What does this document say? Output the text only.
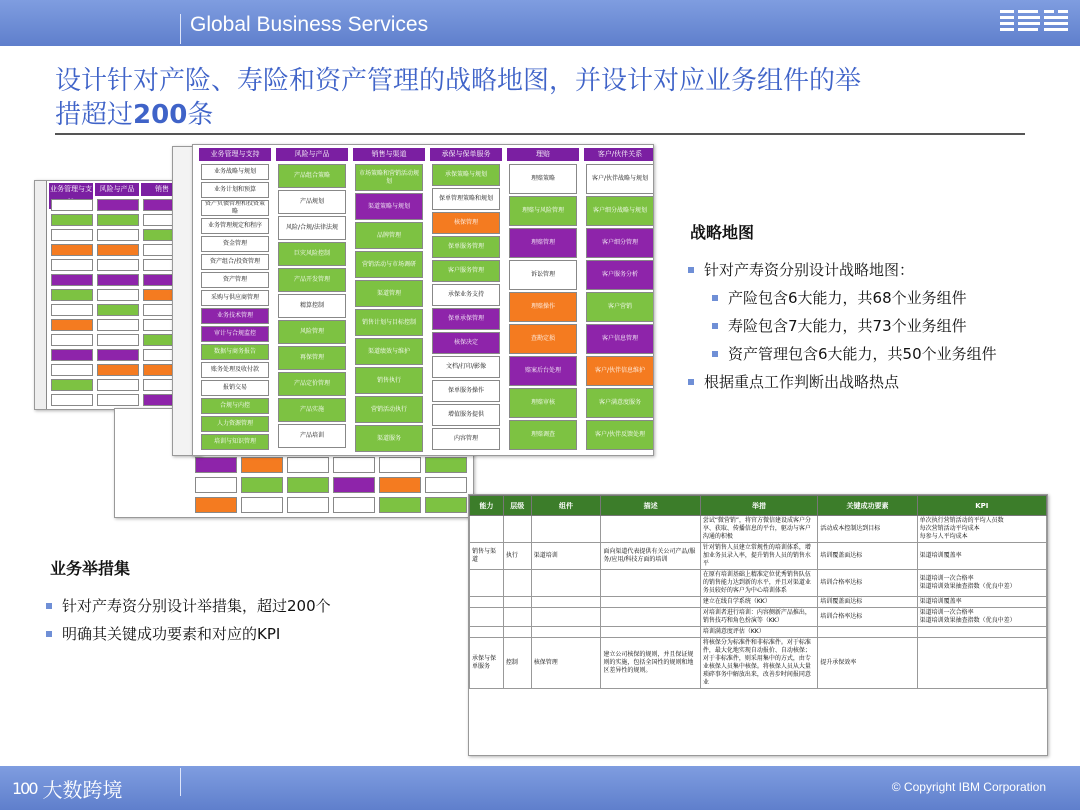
Global Business Services
设计针对产险、寿险和资产管理的战略地图，并设计对应业务组件的举
措超过200条
业务管理与支	风险与产品	销售
业务管理与支持
业务战略与规划
业务计划和预算
资产负债管理和投资策略
业务管理规定和程序
资金管理
资产组合/投资管理
资产管理
采购与供应商管理
业务技术管理
审计与合规监控
数据与商务报告
账务处理及收付款
报销交易
合规与内控
人力资源管理
培训与知识管理
风险与产品
产品组合策略
产品规划
风险/合规/法律法规
巨灾风险控制
产品开发管理
精算控制
风险管理
再保管理
产品定价管理
产品实施
产品培训
销售与渠道
市场策略和营销活动规划
渠道策略与规划
品牌管理
营销活动与市场调研
渠道管理
销售计划与目标控制
渠道绩效与维护
销售执行
营销活动执行
渠道服务
承保与保单服务
承保策略与规划
保单管理策略和规划
核保管理
保单服务管理
客户服务管理
承保业务支持
保单承保管理
核保决定
文档/打印/影像
保单服务操作
增值服务提供
内容管理
理赔
理赔策略
理赔与风险管理
理赔管理
诉讼管理
理赔操作
查勘定损
赔案后台处理
理赔审核
理赔调查
客户/伙伴关系
客户/伙伴战略与规划
客户细分战略与规划
客户细分管理
客户服务分析
客户营销
客户信息管理
客户/伙伴信息维护
客户满意度服务
客户/伙伴反馈处理
战略地图
针对产寿资分别设计战略地图：
产险包含6大能力，共68个业务组件
寿险包含7大能力，共73个业务组件
资产管理包含6大能力，共50个业务组件
根据重点工作判断出战略热点
业务举措集
针对产寿资分别设计举措集，超过200个
明确其关键成功要素和对应的KPI
能力	层级	组件	描述	举措	关键成功要素	KPI
				尝试“微营销”，将官方微信建设成客户分享、获取、传播信息的平台，驱动与客户沟通的积极	活动成本控制达到目标	单次执行营销活动的平均人员数
每次营销活动平均成本
每参与人平均成本
销售与渠道	执行	渠道培训	面向渠道代表提供有关公司产品/服务/应用/科技方面的培训	针对销售人员建立常规性的培训体系，增加业务员录入率，提升销售人员的销售水平	培训覆盖面达标	渠道培训覆盖率
				在原有培训基础上精准定位优秀销售队伍的销售能力达到新的水平，并且对渠道业务员较好的客户为中心培训体系	培训合格率达标	渠道培训一次合格率
渠道培训效果抽查指数（优良中差）
				建立在线自学系统（KK）	培训覆盖面达标	渠道培训覆盖率
				对培训者进行培训：内容侧新产品推出，销售技巧和角色扮演等（KK）	培训合格率达标	渠道培训一次合格率
渠道培训效果抽查指数（优良中差）
				培训满意度评估（KK）		
承保与保单服务	控制	核保管理	建立公司核保的规则，并且保证规则的实施，包括全国性的规则和地区差异性的规则。	将核保分为标准件和非标准件。对于标准件，最大化地实现自动报价、自动核保；对于非标准件，则采用集中的方式，由专业核保人员集中核保。将核保人员从大量琐碎事务中解放出来，改善步时间报同意业	提升承保效率	
100 大数跨境	© Copyright IBM Corporation
